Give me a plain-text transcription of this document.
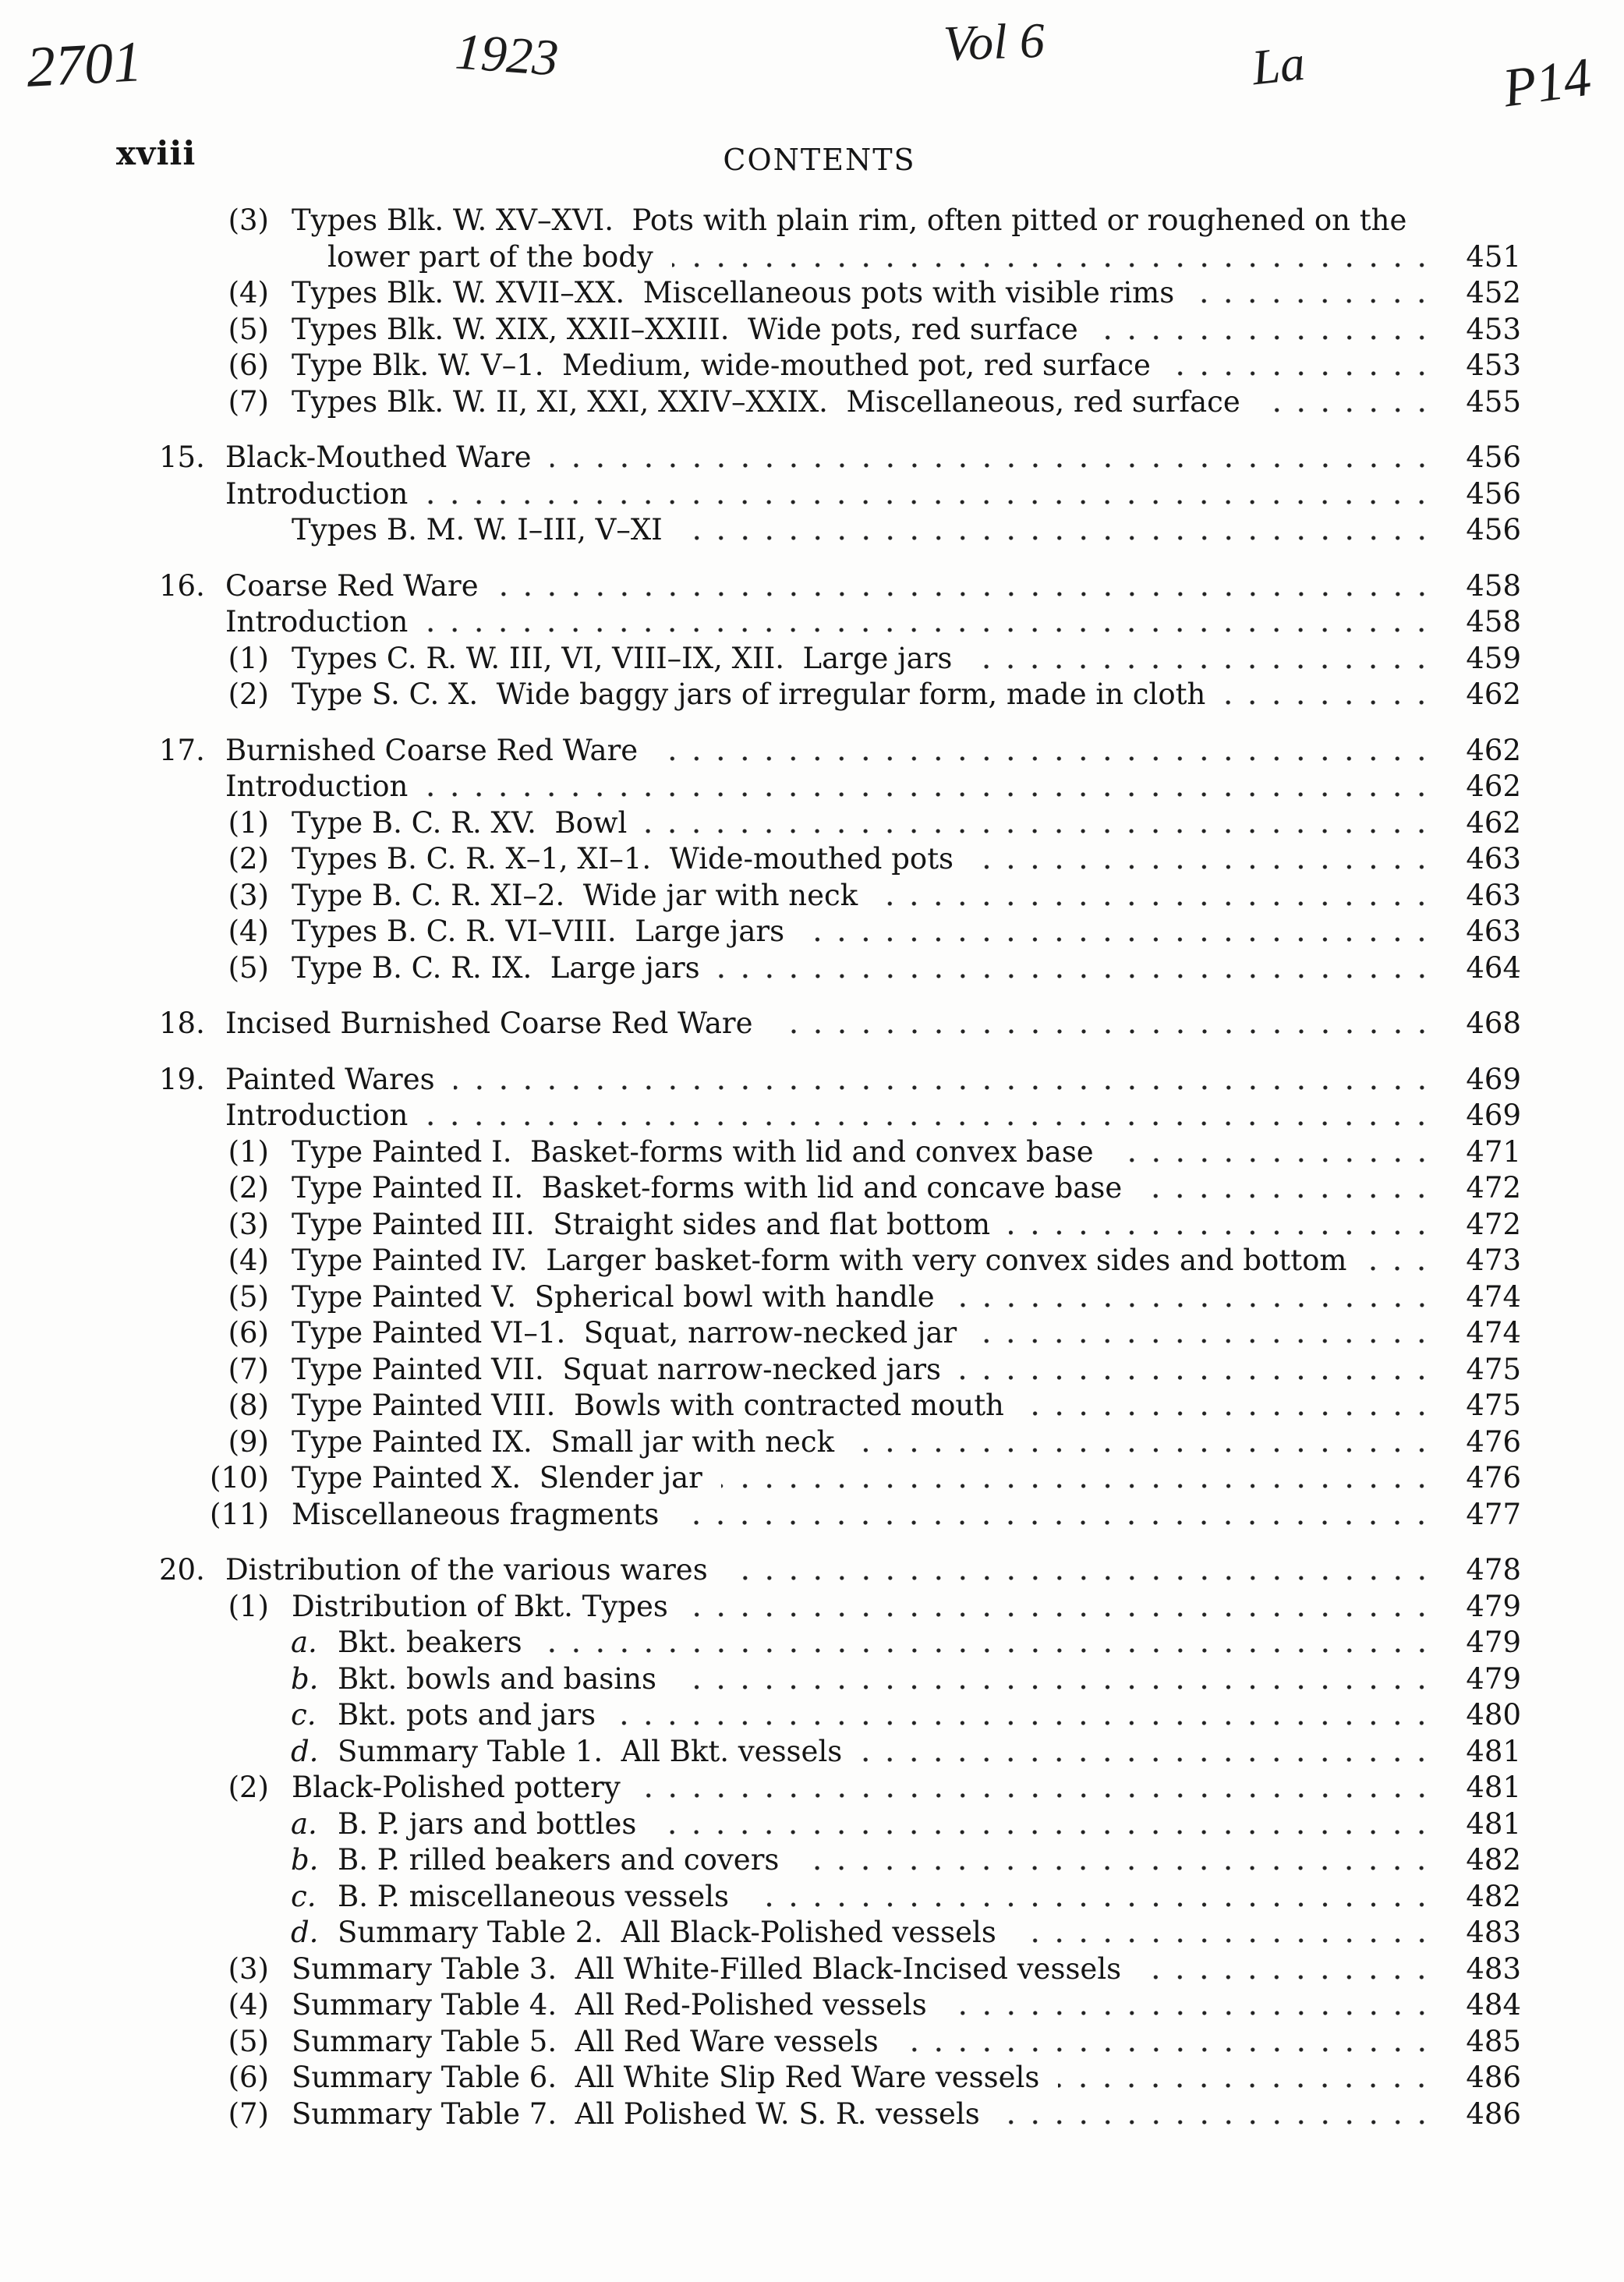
2701	1923	Vol 6	La	P14
xviii	CONTENTS
(3) Types Blk. W. XV–XVI.  Pots with plain rim, often pitted or roughened on the
lower part of the body	451
(4) Types Blk. W. XVII–XX.  Miscellaneous pots with visible rims	452
(5) Types Blk. W. XIX, XXII–XXIII.  Wide pots, red surface	453
(6) Type Blk. W. V–1.  Medium, wide-mouthed pot, red surface	453
(7) Types Blk. W. II, XI, XXI, XXIV–XXIX.  Miscellaneous, red surface	455
15. Black-Mouthed Ware	456
Introduction	456
Types B. M. W. I–III, V–XI	456
16. Coarse Red Ware	458
Introduction	458
(1) Types C. R. W. III, VI, VIII–IX, XII.  Large jars	459
(2) Type S. C. X.  Wide baggy jars of irregular form, made in cloth	462
17. Burnished Coarse Red Ware	462
Introduction	462
(1) Type B. C. R. XV.  Bowl	462
(2) Types B. C. R. X–1, XI–1.  Wide-mouthed pots	463
(3) Type B. C. R. XI–2.  Wide jar with neck	463
(4) Types B. C. R. VI–VIII.  Large jars	463
(5) Type B. C. R. IX.  Large jars	464
18. Incised Burnished Coarse Red Ware	468
19. Painted Wares	469
Introduction	469
(1) Type Painted I.  Basket-forms with lid and convex base	471
(2) Type Painted II.  Basket-forms with lid and concave base	472
(3) Type Painted III.  Straight sides and flat bottom	472
(4) Type Painted IV.  Larger basket-form with very convex sides and bottom	473
(5) Type Painted V.  Spherical bowl with handle	474
(6) Type Painted VI–1.  Squat, narrow-necked jar	474
(7) Type Painted VII.  Squat narrow-necked jars	475
(8) Type Painted VIII.  Bowls with contracted mouth	475
(9) Type Painted IX.  Small jar with neck	476
(10) Type Painted X.  Slender jar	476
(11) Miscellaneous fragments	477
20. Distribution of the various wares	478
(1) Distribution of Bkt. Types	479
a. Bkt. beakers	479
b. Bkt. bowls and basins	479
c. Bkt. pots and jars	480
d. Summary Table 1.  All Bkt. vessels	481
(2) Black-Polished pottery	481
a. B. P. jars and bottles	481
b. B. P. rilled beakers and covers	482
c. B. P. miscellaneous vessels	482
d. Summary Table 2.  All Black-Polished vessels	483
(3) Summary Table 3.  All White-Filled Black-Incised vessels	483
(4) Summary Table 4.  All Red-Polished vessels	484
(5) Summary Table 5.  All Red Ware vessels	485
(6) Summary Table 6.  All White Slip Red Ware vessels	486
(7) Summary Table 7.  All Polished W. S. R. vessels	486
